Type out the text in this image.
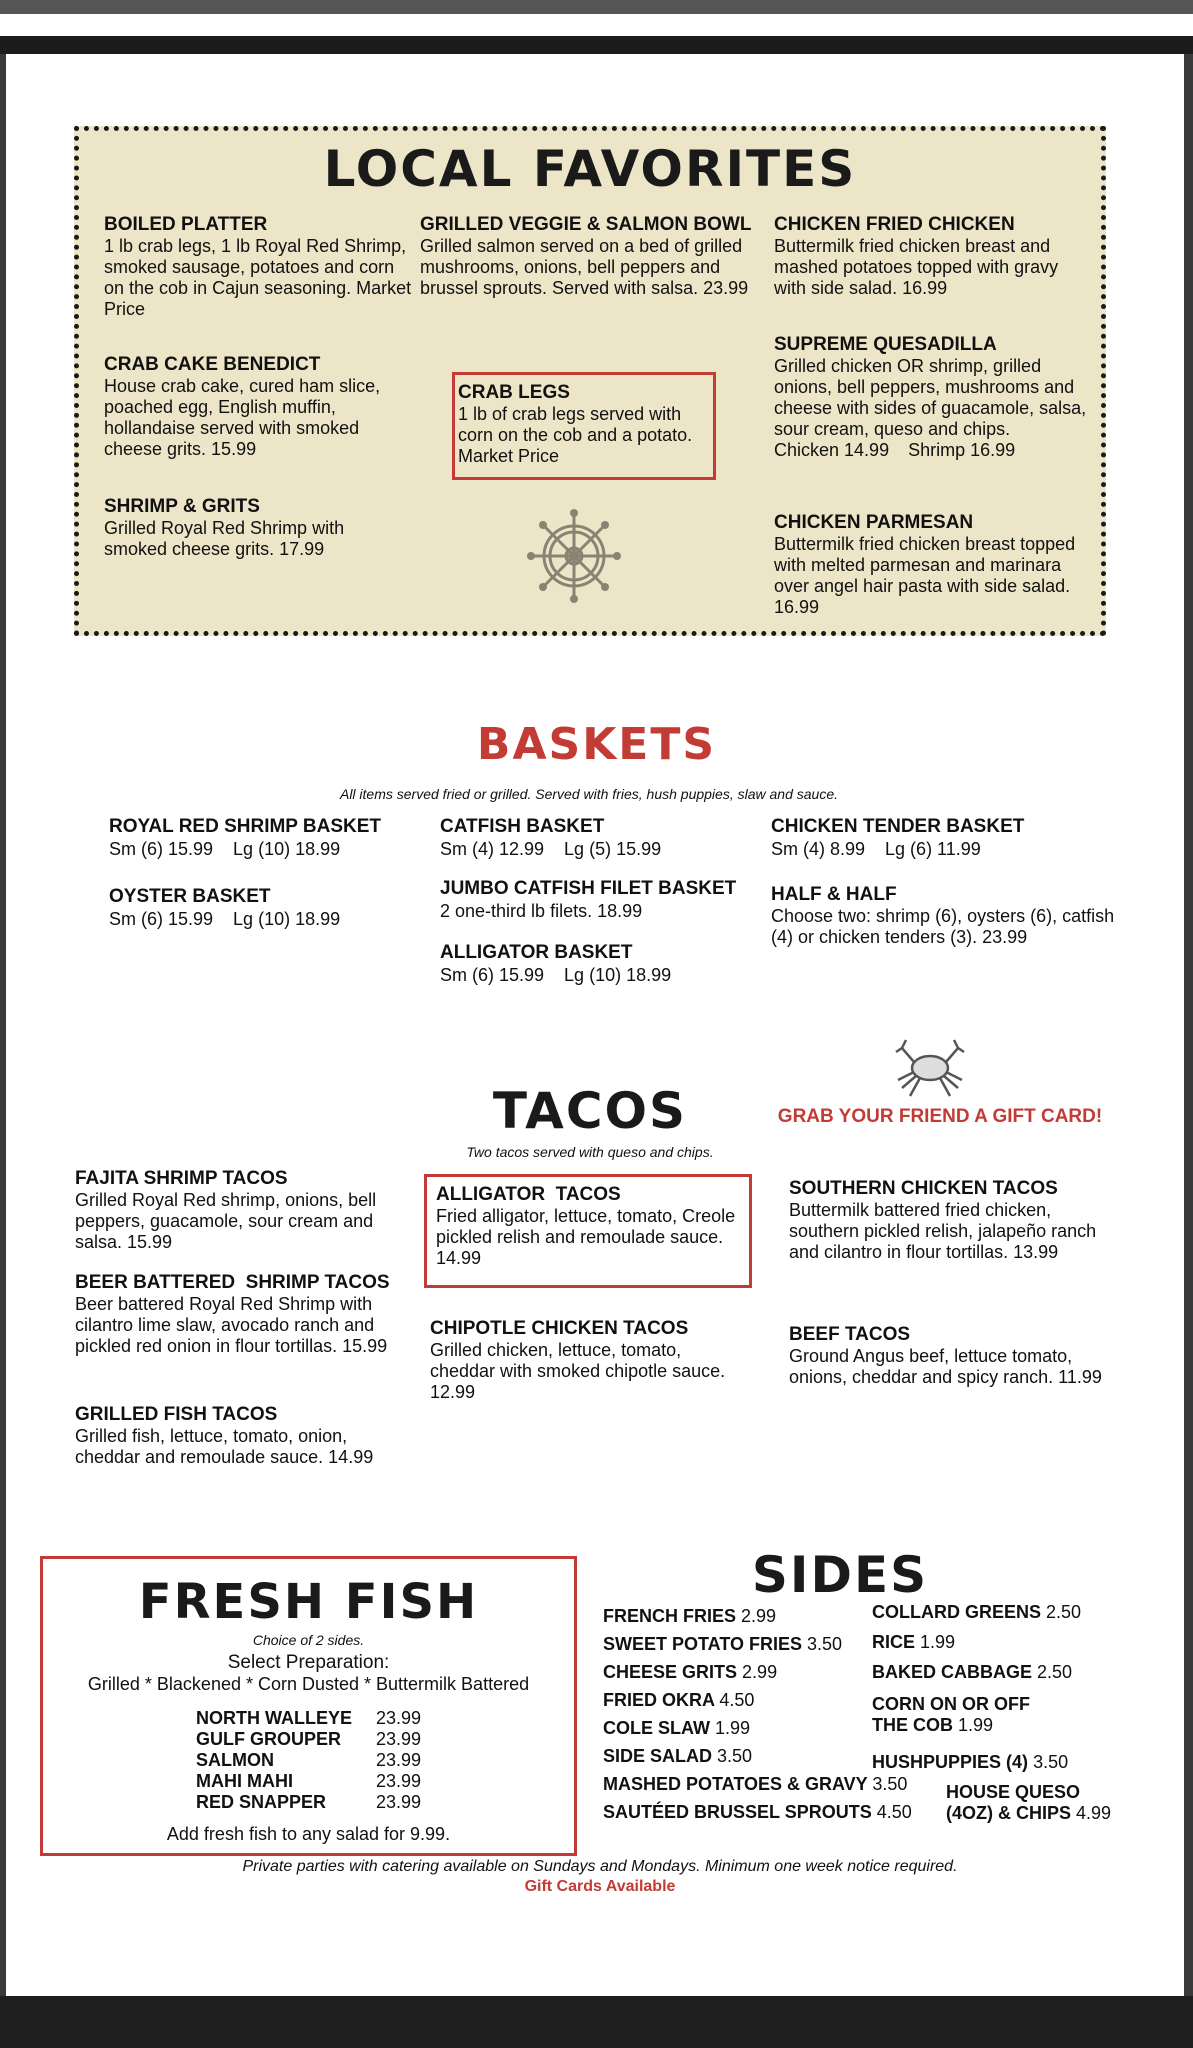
LOCAL FAVORITES
BOILED PLATTER
1 lb crab legs, 1 lb Royal Red Shrimp, smoked sausage, potatoes and corn on the cob in Cajun seasoning. Market Price
CRAB CAKE BENEDICT
House crab cake, cured ham slice, poached egg, English muffin, hollandaise served with smoked cheese grits. 15.99
SHRIMP & GRITS
Grilled Royal Red Shrimp with smoked cheese grits. 17.99
GRILLED VEGGIE & SALMON BOWL
Grilled salmon served on a bed of grilled mushrooms, onions, bell peppers and brussel sprouts. Served with salsa. 23.99
CRAB LEGS
1 lb of crab legs served with corn on the cob and a potato. Market Price
CHICKEN FRIED CHICKEN
Buttermilk fried chicken breast and mashed potatoes topped with gravy with side salad. 16.99
SUPREME QUESADILLA
Grilled chicken OR shrimp, grilled onions, bell peppers, mushrooms and cheese with sides of guacamole, salsa, sour cream, queso and chips.
Chicken 14.99 Shrimp 16.99
CHICKEN PARMESAN
Buttermilk fried chicken breast topped with melted parmesan and marinara over angel hair pasta with side salad. 16.99
BASKETS
All items served fried or grilled. Served with fries, hush puppies, slaw and sauce.
ROYAL RED SHRIMP BASKET
Sm (6) 15.99    Lg (10) 18.99
OYSTER BASKET
Sm (6) 15.99    Lg (10) 18.99
CATFISH BASKET
Sm (4) 12.99    Lg (5) 15.99
JUMBO CATFISH FILET BASKET
2 one-third lb filets. 18.99
ALLIGATOR BASKET
Sm (6) 15.99    Lg (10) 18.99
CHICKEN TENDER BASKET
Sm (4) 8.99    Lg (6) 11.99
HALF & HALF
Choose two: shrimp (6), oysters (6), catfish (4) or chicken tenders (3). 23.99
TACOS
Two tacos served with queso and chips.
GRAB YOUR FRIEND A GIFT CARD!
FAJITA SHRIMP TACOS
Grilled Royal Red shrimp, onions, bell peppers, guacamole, sour cream and salsa. 15.99
BEER BATTERED  SHRIMP TACOS
Beer battered Royal Red Shrimp with cilantro lime slaw, avocado ranch and pickled red onion in flour tortillas. 15.99
GRILLED FISH TACOS
Grilled fish, lettuce, tomato, onion, cheddar and remoulade sauce. 14.99
ALLIGATOR  TACOS
Fried alligator, lettuce, tomato, Creole pickled relish and remoulade sauce. 14.99
CHIPOTLE CHICKEN TACOS
Grilled chicken, lettuce, tomato, cheddar with smoked chipotle sauce. 12.99
SOUTHERN CHICKEN TACOS
Buttermilk battered fried chicken, southern pickled relish, jalapeño ranch and cilantro in flour tortillas. 13.99
BEEF TACOS
Ground Angus beef, lettuce tomato, onions, cheddar and spicy ranch. 11.99
FRESH FISH
Choice of 2 sides.
Select Preparation:
Grilled * Blackened * Corn Dusted * Buttermilk Battered
NORTH WALLEYE	23.99
GULF GROUPER	23.99
SALMON	23.99
MAHI MAHI	23.99
RED SNAPPER	23.99
Add fresh fish to any salad for 9.99.
SIDES
FRENCH FRIES 2.99
SWEET POTATO FRIES 3.50
CHEESE GRITS 2.99
FRIED OKRA 4.50
COLE SLAW 1.99
SIDE SALAD 3.50
MASHED POTATOES & GRAVY 3.50
SAUTÉED BRUSSEL SPROUTS 4.50
COLLARD GREENS 2.50
RICE 1.99
BAKED CABBAGE 2.50
CORN ON OR OFF
THE COB 1.99
HUSHPUPPIES (4) 3.50
HOUSE QUESO
(4OZ) & CHIPS 4.99
Private parties with catering available on Sundays and Mondays. Minimum one week notice required.
Gift Cards Available
